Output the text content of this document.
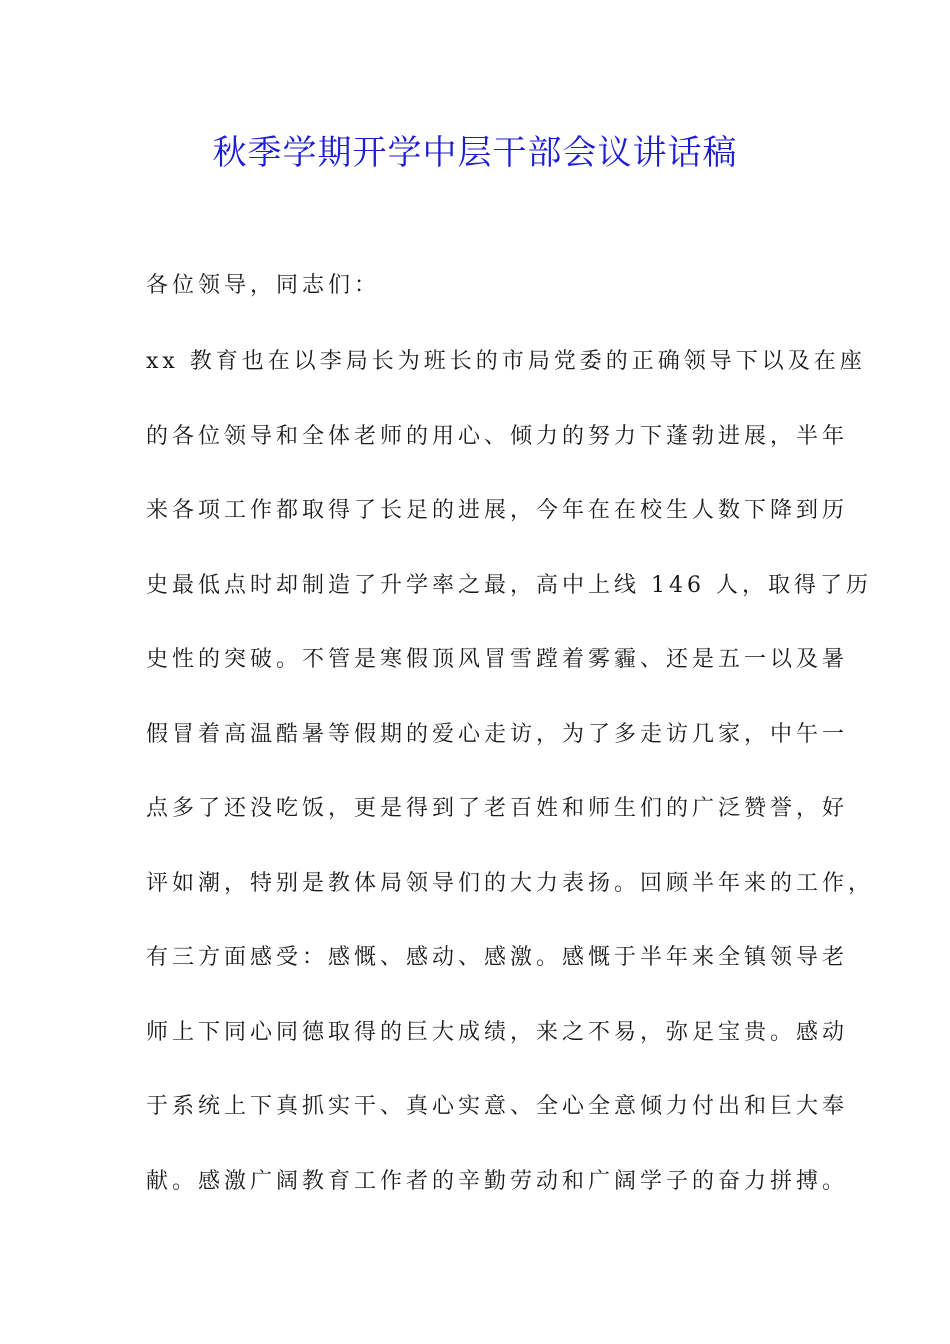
秋季学期开学中层干部会议讲话稿

各位领导，同志们：

xx 教育也在以李局长为班长的市局党委的正确领导下以及在座
的各位领导和全体老师的用心、倾力的努力下蓬勃进展，半年
来各项工作都取得了长足的进展，今年在在校生人数下降到历
史最低点时却制造了升学率之最，高中上线 146 人，取得了历
史性的突破。不管是寒假顶风冒雪蹚着雾霾、还是五一以及暑
假冒着高温酷暑等假期的爱心走访，为了多走访几家，中午一
点多了还没吃饭，更是得到了老百姓和师生们的广泛赞誉，好
评如潮，特别是教体局领导们的大力表扬。回顾半年来的工作，
有三方面感受：感慨、感动、感激。感慨于半年来全镇领导老
师上下同心同德取得的巨大成绩，来之不易，弥足宝贵。感动
于系统上下真抓实干、真心实意、全心全意倾力付出和巨大奉
献。感激广阔教育工作者的辛勤劳动和广阔学子的奋力拼搏。
